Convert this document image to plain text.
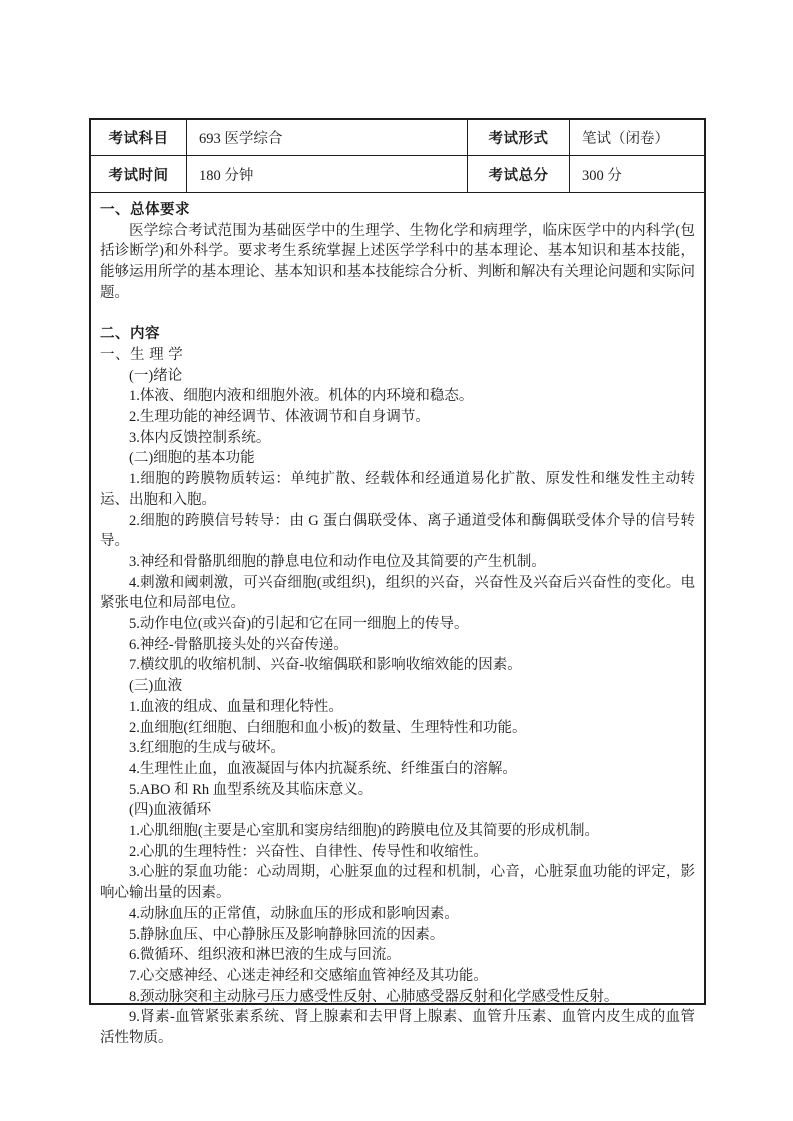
考试科目	693 医学综合	考试形式	笔试（闭卷）
考试时间	180 分钟	考试总分	300 分

一、总体要求

医学综合考试范围为基础医学中的生理学、生物化学和病理学，临床医学中的内科学(包括诊断学)和外科学。要求考生系统掌握上述医学学科中的基本理论、基本知识和基本技能，能够运用所学的基本理论、基本知识和基本技能综合分析、判断和解决有关理论问题和实际问题。

二、内容

一、生 理 学

(一)绪论

1.体液、细胞内液和细胞外液。机体的内环境和稳态。

2.生理功能的神经调节、体液调节和自身调节。

3.体内反馈控制系统。

(二)细胞的基本功能

1.细胞的跨膜物质转运：单纯扩散、经载体和经通道易化扩散、原发性和继发性主动转运、出胞和入胞。

2.细胞的跨膜信号转导：由 G 蛋白偶联受体、离子通道受体和酶偶联受体介导的信号转导。

3.神经和骨骼肌细胞的静息电位和动作电位及其简要的产生机制。

4.刺激和阈刺激，可兴奋细胞(或组织)，组织的兴奋，兴奋性及兴奋后兴奋性的变化。电紧张电位和局部电位。

5.动作电位(或兴奋)的引起和它在同一细胞上的传导。

6.神经-骨骼肌接头处的兴奋传递。

7.横纹肌的收缩机制、兴奋-收缩偶联和影响收缩效能的因素。

(三)血液

1.血液的组成、血量和理化特性。

2.血细胞(红细胞、白细胞和血小板)的数量、生理特性和功能。

3.红细胞的生成与破坏。

4.生理性止血，血液凝固与体内抗凝系统、纤维蛋白的溶解。

5.ABO 和 Rh 血型系统及其临床意义。

(四)血液循环

1.心肌细胞(主要是心室肌和窦房结细胞)的跨膜电位及其简要的形成机制。

2.心肌的生理特性：兴奋性、自律性、传导性和收缩性。

3.心脏的泵血功能：心动周期，心脏泵血的过程和机制，心音，心脏泵血功能的评定，影响心输出量的因素。

4.动脉血压的正常值，动脉血压的形成和影响因素。

5.静脉血压、中心静脉压及影响静脉回流的因素。

6.微循环、组织液和淋巴液的生成与回流。

7.心交感神经、心迷走神经和交感缩血管神经及其功能。

8.颈动脉突和主动脉弓压力感受性反射、心肺感受器反射和化学感受性反射。

9.肾素-血管紧张素系统、肾上腺素和去甲肾上腺素、血管升压素、血管内皮生成的血管活性物质。
